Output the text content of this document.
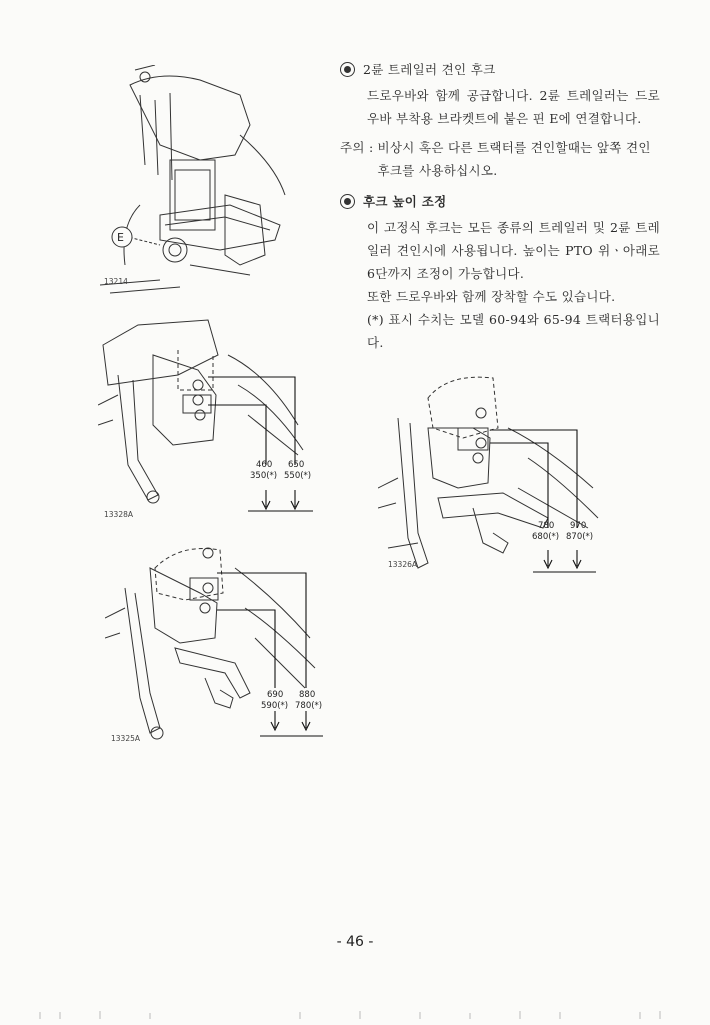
2륜 트레일러 견인 후크

드로우바와 함께 공급합니다. 2륜 트레일러는 드로우바 부착용 브라켓트에 붙은 핀 E에 연결합니다.

주의 : 비상시 혹은 다른 트랙터를 견인할때는 앞쪽 견인 후크를 사용하십시오.
후크 높이 조정

이 고정식 후크는 모든 종류의 트레일러 및 2륜 트레일러 견인시에 사용됩니다. 높이는 PTO 위ㆍ아래로 6단까지 조정이 가능합니다.

또한 드로우바와 함께 장착할 수도 있습니다.

(*) 표시 수치는 모델 60-94와 65-94 트랙터용입니다.

E
13214
460 650
350(*) 550(*)
13328A
780 970
680(*) 870(*)
13326A
690 880
590(*) 780(*)
13325A
- 46 -
